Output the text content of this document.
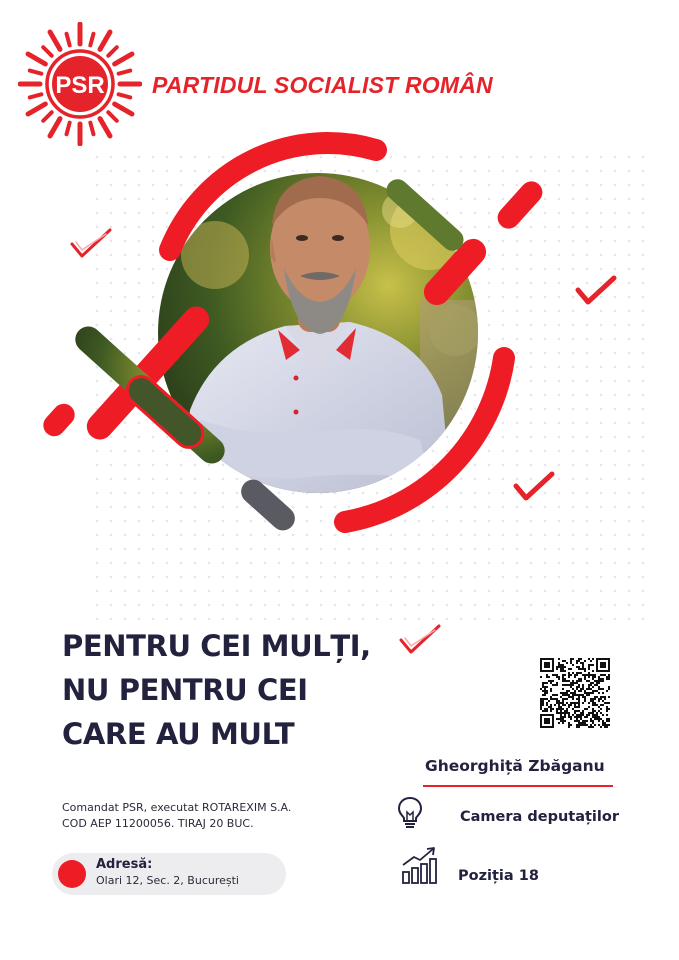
PSR PARTIDUL SOCIALIST ROMÂN
PENTRU CEI MULȚI,
NU PENTRU CEI
CARE AU MULT
Gheorghiță Zbăganu
Camera deputaților
Poziția 18
Comandat PSR, executat ROTAREXIM S.A.
COD AEP 11200056. TIRAJ 20 BUC.
Adresă:
Olari 12, Sec. 2, București
